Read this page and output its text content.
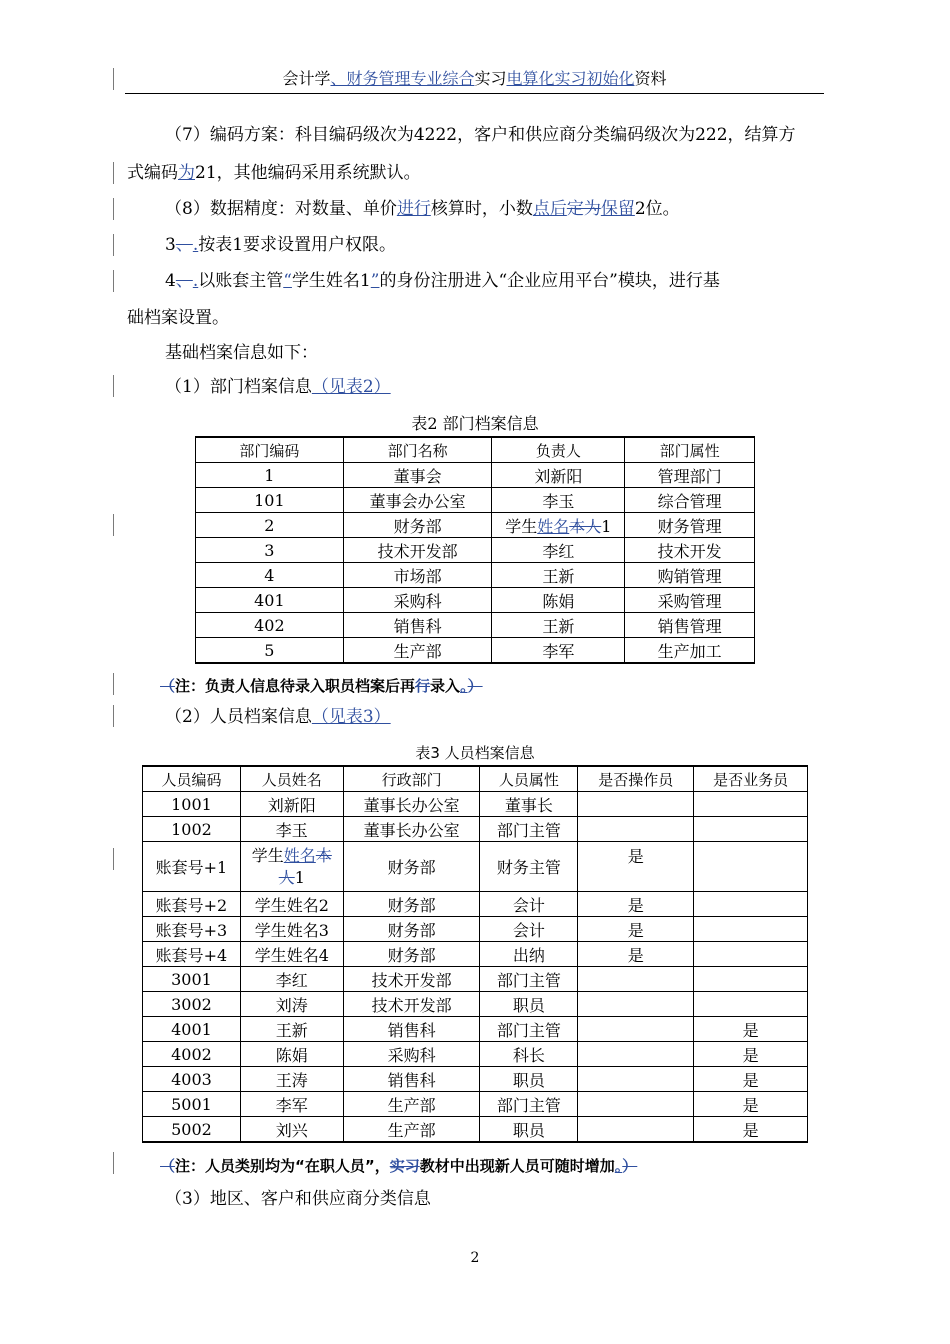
会计学、财务管理专业综合实习电算化实习初始化资料
（7）编码方案：科目编码级次为4222，客户和供应商分类编码级次为222，结算方
式编码为21，其他编码采用系统默认。
（8）数据精度：对数量、单价进行核算时，小数点后定为保留2位。
3、.按表1要求设置用户权限。
4、.以账套主管“学生姓名1”的身份注册进入“企业应用平台”模块，进行基
础档案设置。
基础档案信息如下：
（1）部门档案信息（见表2）
表2 部门档案信息
部门编码	部门名称	负责人	部门属性
1	董事会	刘新阳	管理部门
101	董事会办公室	李玉	综合管理
2	财务部	学生姓名本人1	财务管理
3	技术开发部	李红	技术开发
4	市场部	王新	购销管理
401	采购科	陈娟	采购管理
402	销售科	王新	销售管理
5	生产部	李军	生产加工
（注：负责人信息待录入职员档案后再行录入。）
（2）人员档案信息（见表3）
表3 人员档案信息
人员编码	人员姓名	行政部门	人员属性	是否操作员	是否业务员
1001	刘新阳	董事长办公室	董事长		
1002	李玉	董事长办公室	部门主管		
账套号+1	学生姓名本
人1	财务部	财务主管	是	
账套号+2	学生姓名2	财务部	会计	是	
账套号+3	学生姓名3	财务部	会计	是	
账套号+4	学生姓名4	财务部	出纳	是	
3001	李红	技术开发部	部门主管		
3002	刘涛	技术开发部	职员		
4001	王新	销售科	部门主管		是
4002	陈娟	采购科	科长		是
4003	王涛	销售科	职员		是
5001	李军	生产部	部门主管		是
5002	刘兴	生产部	职员		是
（注：人员类别均为“在职人员”，实习教材中出现新人员可随时增加。）
（3）地区、客户和供应商分类信息
2
